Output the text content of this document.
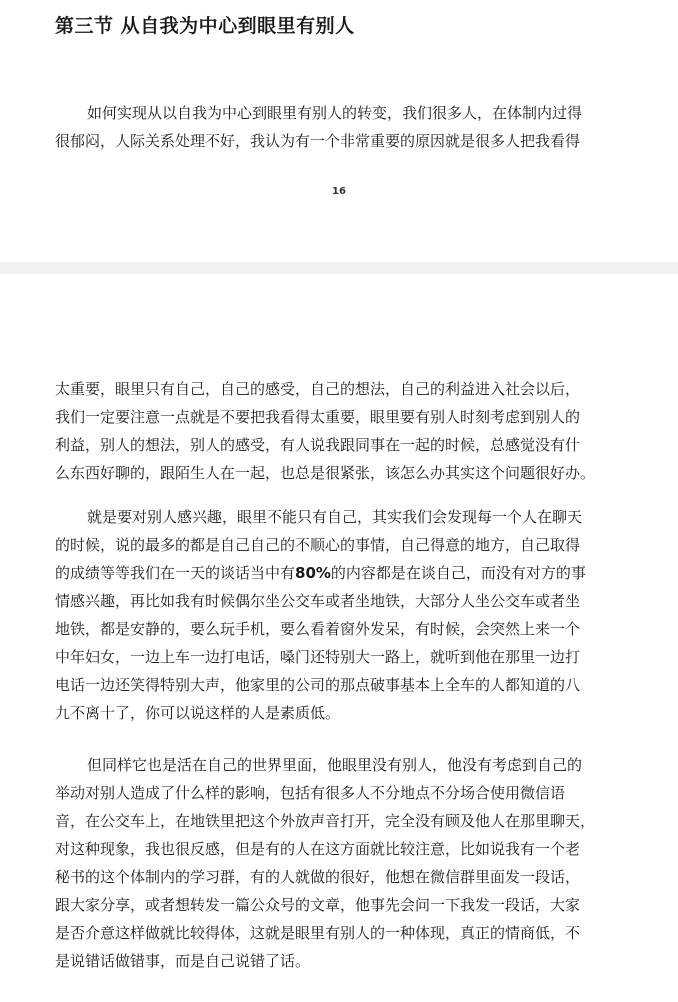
第三节 从自我为中心到眼里有别人

如何实现从以自我为中心到眼里有别人的转变，我们很多人，在体制内过得
很郁闷，人际关系处理不好，我认为有一个非常重要的原因就是很多人把我看得

16

太重要，眼里只有自己，自己的感受，自己的想法，自己的利益进入社会以后，
我们一定要注意一点就是不要把我看得太重要，眼里要有别人时刻考虑到别人的
利益，别人的想法，别人的感受，有人说我跟同事在一起的时候，总感觉没有什
么东西好聊的，跟陌生人在一起，也总是很紧张，该怎么办其实这个问题很好办。

就是要对别人感兴趣，眼里不能只有自己，其实我们会发现每一个人在聊天
的时候，说的最多的都是自己自己的不顺心的事情，自己得意的地方，自己取得
的成绩等等我们在一天的谈话当中有80%的内容都是在谈自己，而没有对方的事
情感兴趣，再比如我有时候偶尔坐公交车或者坐地铁，大部分人坐公交车或者坐
地铁，都是安静的，要么玩手机，要么看着窗外发呆，有时候，会突然上来一个
中年妇女，一边上车一边打电话，嗓门还特别大一路上，就听到他在那里一边打
电话一边还笑得特别大声，他家里的公司的那点破事基本上全车的人都知道的八
九不离十了，你可以说这样的人是素质低。

但同样它也是活在自己的世界里面，他眼里没有别人，他没有考虑到自己的
举动对别人造成了什么样的影响，包括有很多人不分地点不分场合使用微信语
音，在公交车上，在地铁里把这个外放声音打开，完全没有顾及他人在那里聊天，
对这种现象，我也很反感，但是有的人在这方面就比较注意，比如说我有一个老
秘书的这个体制内的学习群，有的人就做的很好，他想在微信群里面发一段话，
跟大家分享，或者想转发一篇公众号的文章，他事先会问一下我发一段话，大家
是否介意这样做就比较得体，这就是眼里有别人的一种体现，真正的情商低，不
是说错话做错事，而是自己说错了话。
